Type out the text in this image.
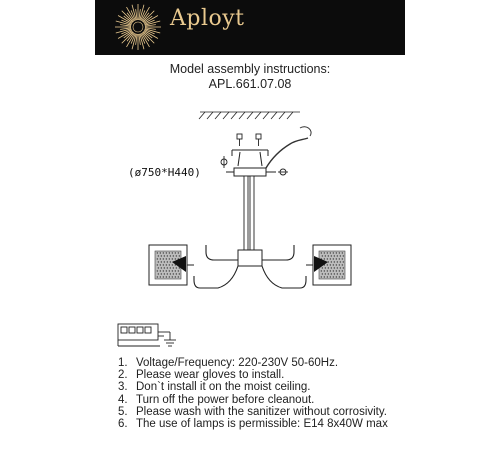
Aployt
Model assembly instructions:
APL.661.07.08
(ø750*H440)
1. Voltage/Frequency: 220-230V 50-60Hz.
2. Please wear gloves to install.
3. Don`t install it on the moist ceiling.
4. Turn off the power before cleanout.
5. Please wash with the sanitizer without corrosivity.
6. The use of lamps is permissible: E14 8x40W max
